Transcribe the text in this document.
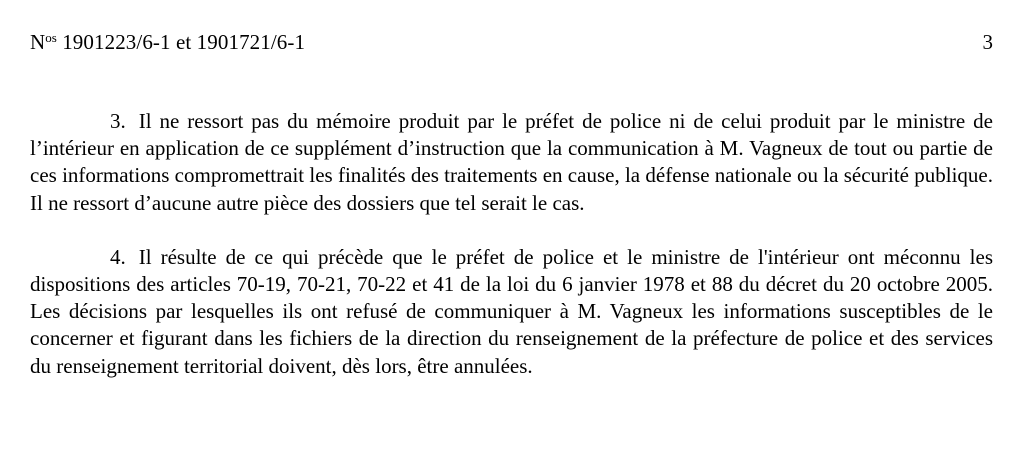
$N^{os}$ 1901223/6-1 et 1901721/6-1	3

3. Il ne ressort pas du mémoire produit par le préfet de police ni de celui produit par le ministre de l’intérieur en application de ce supplément d’instruction que la communication à M. Vagneux de tout ou partie de ces informations compromettrait les finalités des traitements en cause, la défense nationale ou la sécurité publique. Il ne ressort d’aucune autre pièce des dossiers que tel serait le cas.

4. Il résulte de ce qui précède que le préfet de police et le ministre de l'intérieur ont méconnu les dispositions des articles 70-19, 70-21, 70-22 et 41 de la loi du 6 janvier 1978 et 88 du décret du 20 octobre 2005. Les décisions par lesquelles ils ont refusé de communiquer à M. Vagneux les informations susceptibles de le concerner et figurant dans les fichiers de la direction du renseignement de la préfecture de police et des services du renseignement territorial doivent, dès lors, être annulées.
